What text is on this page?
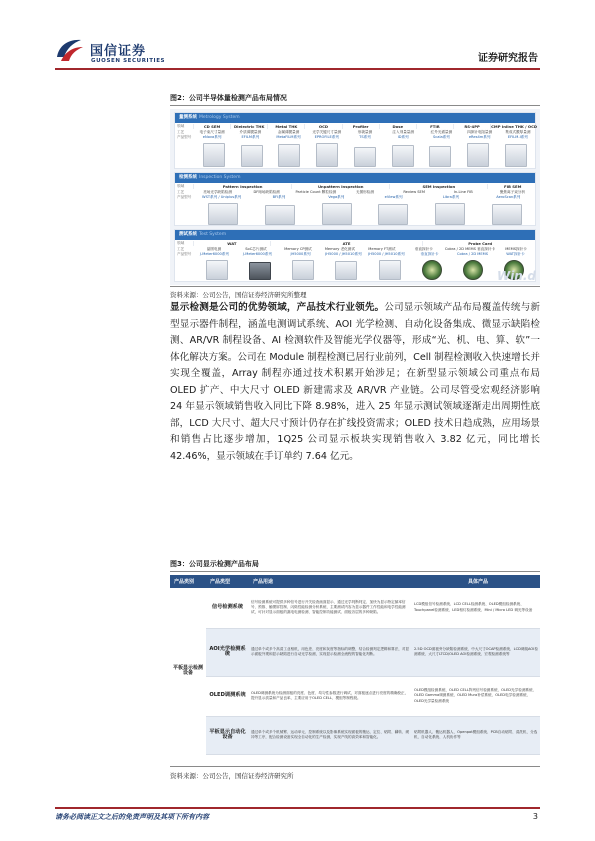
国信证券
GUOSEN SECURITIES	证券研究报告
图2：公司半导体量检测产品布局情况
量测系统 Metrology System
领域	CD SEM	Dielectric THK	Metal THK	OCD	Profiler	Dose	FTIR	RS-4PP	CMP Inline THK / OCD
工艺	电子束尺寸量测	介质薄膜量测	金属薄膜量测	光学关键尺寸量测	形貌量测	注入剂量量测	红外光谱量测	四探针电阻量测	集成式膜厚量测
产品型号	eNova系列	EFILM系列	MetaFILM系列	EPROFILE系列	TS系列	ID系列	Scala系列	eRes4m系列	EFILM-I系列
检测系统 Inspection System
领域	Pattern Inspection	Unpattern Inspection	SEM Inspection	FIB SEM
工艺	亮场光学缺陷检测	DF暗场缺陷检测	Particle Count 颗粒检测	无图形检测	Review SEM	In-Line FIB	聚焦离子束分析
产品型号	WST系列 / Uniplus系列	BFI系列	Vega系列	eView系列	Libra系列	AeroScan系列
测试系统 Test System
领域	WAT	ATE	Probe Card
工艺	晶圆电测	SoC芯片测试	Memory CP测试	Memory 老化测试	Memory FT测试	垂直探针卡	Cobra / 2D MEMS 垂直探针卡	MEMS探针卡
产品型号	J-Meter6000系列	J-Meter6000系列	JH5000系列	JH5000 / JH5010系列	JH5000 / JH5010系列	垂直探针卡	Cobra / 2D MEMS	WAT探针卡
Win.d
资料来源：公司公告，国信证券经济研究所整理
显示检测是公司的优势领域，产品技术行业领先。公司显示领域产品布局覆盖传统与新型显示器件制程，涵盖电测调试系统、AOI 光学检测、自动化设备集成、微显示缺陷检测、AR/VR 制程设备、AI 检测软件及智能光学仪器等，形成“光、机、电、算、软”一体化解决方案。公司在 Module 制程检测已居行业前列，Cell 制程检测收入快速增长并实现全覆盖，Array 制程亦通过技术积累开始涉足；在新型显示领域公司重点布局 OLED 扩产、中大尺寸 OLED 新建需求及 AR/VR 产业链。公司尽管受宏观经济影响 24 年显示领域销售收入同比下降 8.98%，进入 25 年显示测试领域逐渐走出周期性底部，LCD 大尺寸、超大尺寸预计仍存在扩线投资需求；OLED 技术日趋成熟，应用场景和销售占比逐步增加，1Q25 公司显示板块实现销售收入 3.82 亿元，同比增长 42.46%，显示领域在手订单约 7.64 亿元。
图3：公司显示检测产品布局
产品类别	产品类型	产品用途	具体产品
平板显示检测设备	信号检测系统	信号检测系统可提供多种信号进行开关检查画面显示、通过光学判断判定、加快为显示特定频率信号、预推、触摸屏控制、闪烁性能检测分析系统、主要测试内容为显示器件工作性能和电学性能测试，可针对显示面板的漏电电测检测、智能控制功能测试、面板各层的多种缺陷。	LCD模组信号检测系统、LCD CELL检测系统、OLED模组检测系统、Touchpanel检测系统、LED相灯检测系统、Mini / Micro LED 调光等设备
	AOI光学检测系统	通过单个或多个高清工业相机，用色差、亮度和灰度等指标的调整，结合检测判定逻辑和算法，对显示面板外观和显示缺陷进行自动光学检测，实现显示检测全流程的智能化判断。	2.5D OCD面板旁分缺陷检测系统、中大尺寸OCAP检测系统、LCD调阅AOI检测系统、大尺寸LTCD/OLED AOI检测系统、宏观检测系统等
	OLED调测系统	OLED调测系统为检测面板的亮度、色度、均匀性参数进行调试，对面板逐点进行亮度的精确校正，提升显示质量和产品良率，主要应用于OLED CELL、模组等制程段。	OLED模组检测系统、OLED CELL阵列信号检测系统、OLED光学检测系统、OLED Gamma调测系统、OLED Mura补偿系统、OLED电学检测系统、OLED光学量检测系统
	平板显示自动化设备	通过单个或多个机械臂、运动单元、控制系统以及影像系统实现面板的搬运、定位、贴附、翻转、缓冲等工序，配合检测设备实现全自动化的生产检测，实现产线的高效率和智能化。	贴附机器人、搬运机器人、Openpot模组系统、PCB自动贴附、清洗机、分选机、自动化系统、人机协作等
资料来源：公司公告，国信证券经济研究所
请务必阅读正文之后的免责声明及其项下所有内容	3
